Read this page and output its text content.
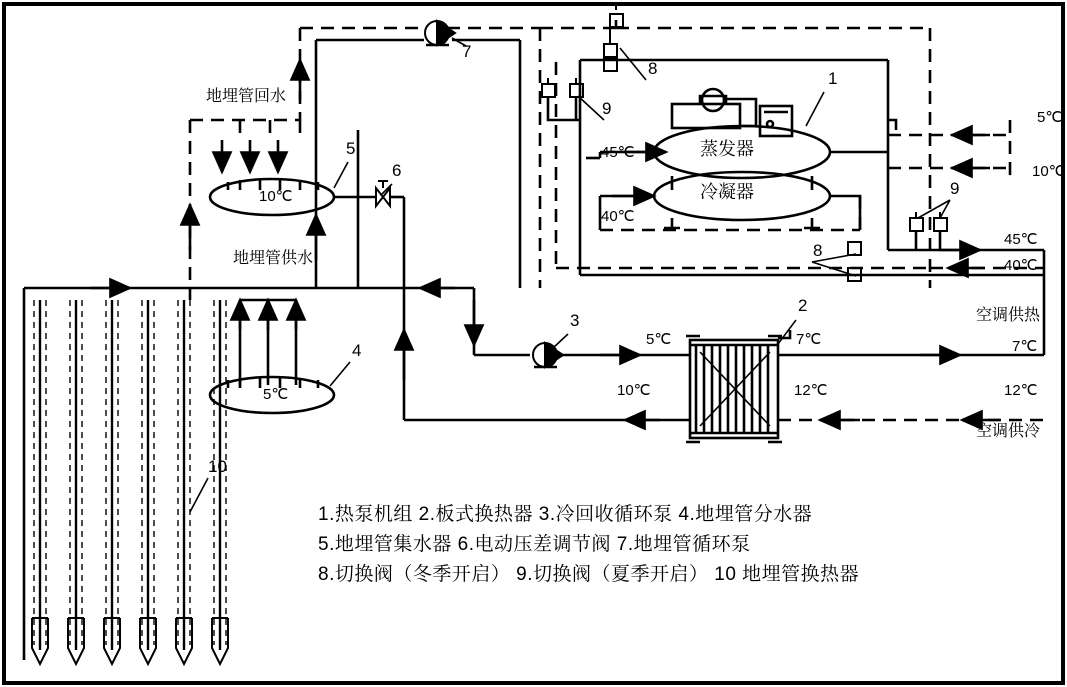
蒸发器
冷凝器
地埋管回水
地埋管供水
空调供热
空调供冷
10℃
5℃
5℃
10℃
45℃
40℃
45℃
40℃
5℃	7℃
10℃	12℃
7℃
12℃
1
2
3
4
5
6
7
8
8
9
9
10
1.热泵机组 2.板式换热器 3.冷回收循环泵 4.地埋管分水器
5.地埋管集水器 6.电动压差调节阀 7.地埋管循环泵
8.切换阀（冬季开启） 9.切换阀（夏季开启） 10 地埋管换热器
